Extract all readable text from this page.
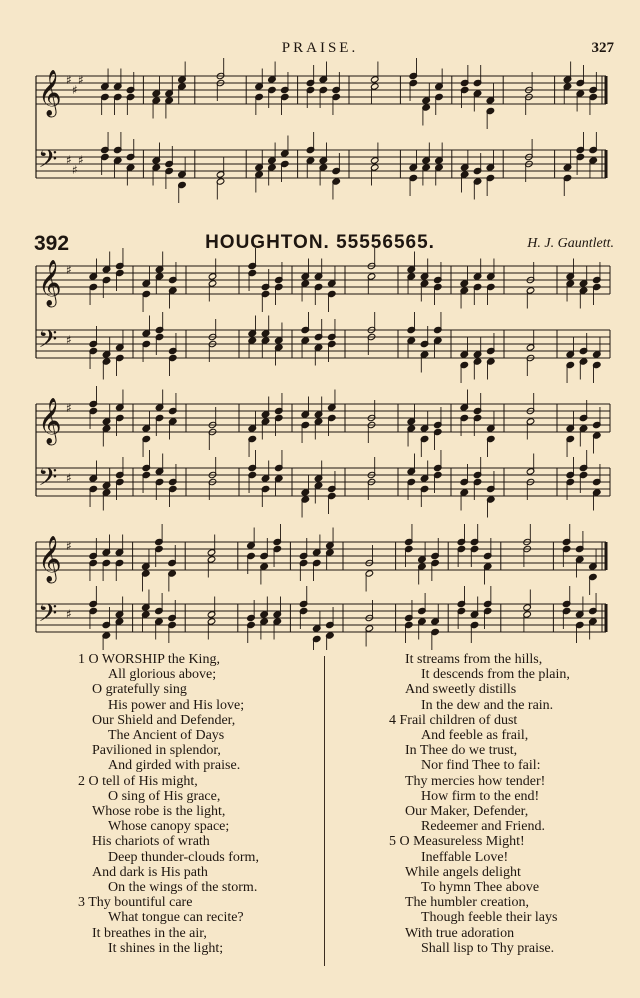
PRAISE.	327
𝄞 ♯
♯
♯
𝄢 ♯
♯
♯
𝄞 ♯
𝄢 ♯
𝄞 ♯
𝄢 ♯
𝄞 ♯
𝄢 ♯
392	HOUGHTON. 55556565.	H. J. Gauntlett.
1 O WORSHIP the King,
All glorious above;
O gratefully sing
His power and His love;
Our Shield and Defender,
The Ancient of Days
Pavilioned in splendor,
And girded with praise.
2 O tell of His might,
O sing of His grace,
Whose robe is the light,
Whose canopy space;
His chariots of wrath
Deep thunder-clouds form,
And dark is His path
On the wings of the storm.
3 Thy bountiful care
What tongue can recite?
It breathes in the air,
It shines in the light;
It streams from the hills,
It descends from the plain,
And sweetly distills
In the dew and the rain.
4 Frail children of dust
And feeble as frail,
In Thee do we trust,
Nor find Thee to fail:
Thy mercies how tender!
How firm to the end!
Our Maker, Defender,
Redeemer and Friend.
5 O Measureless Might!
Ineffable Love!
While angels delight
To hymn Thee above
The humbler creation,
Though feeble their lays
With true adoration
Shall lisp to Thy praise.
